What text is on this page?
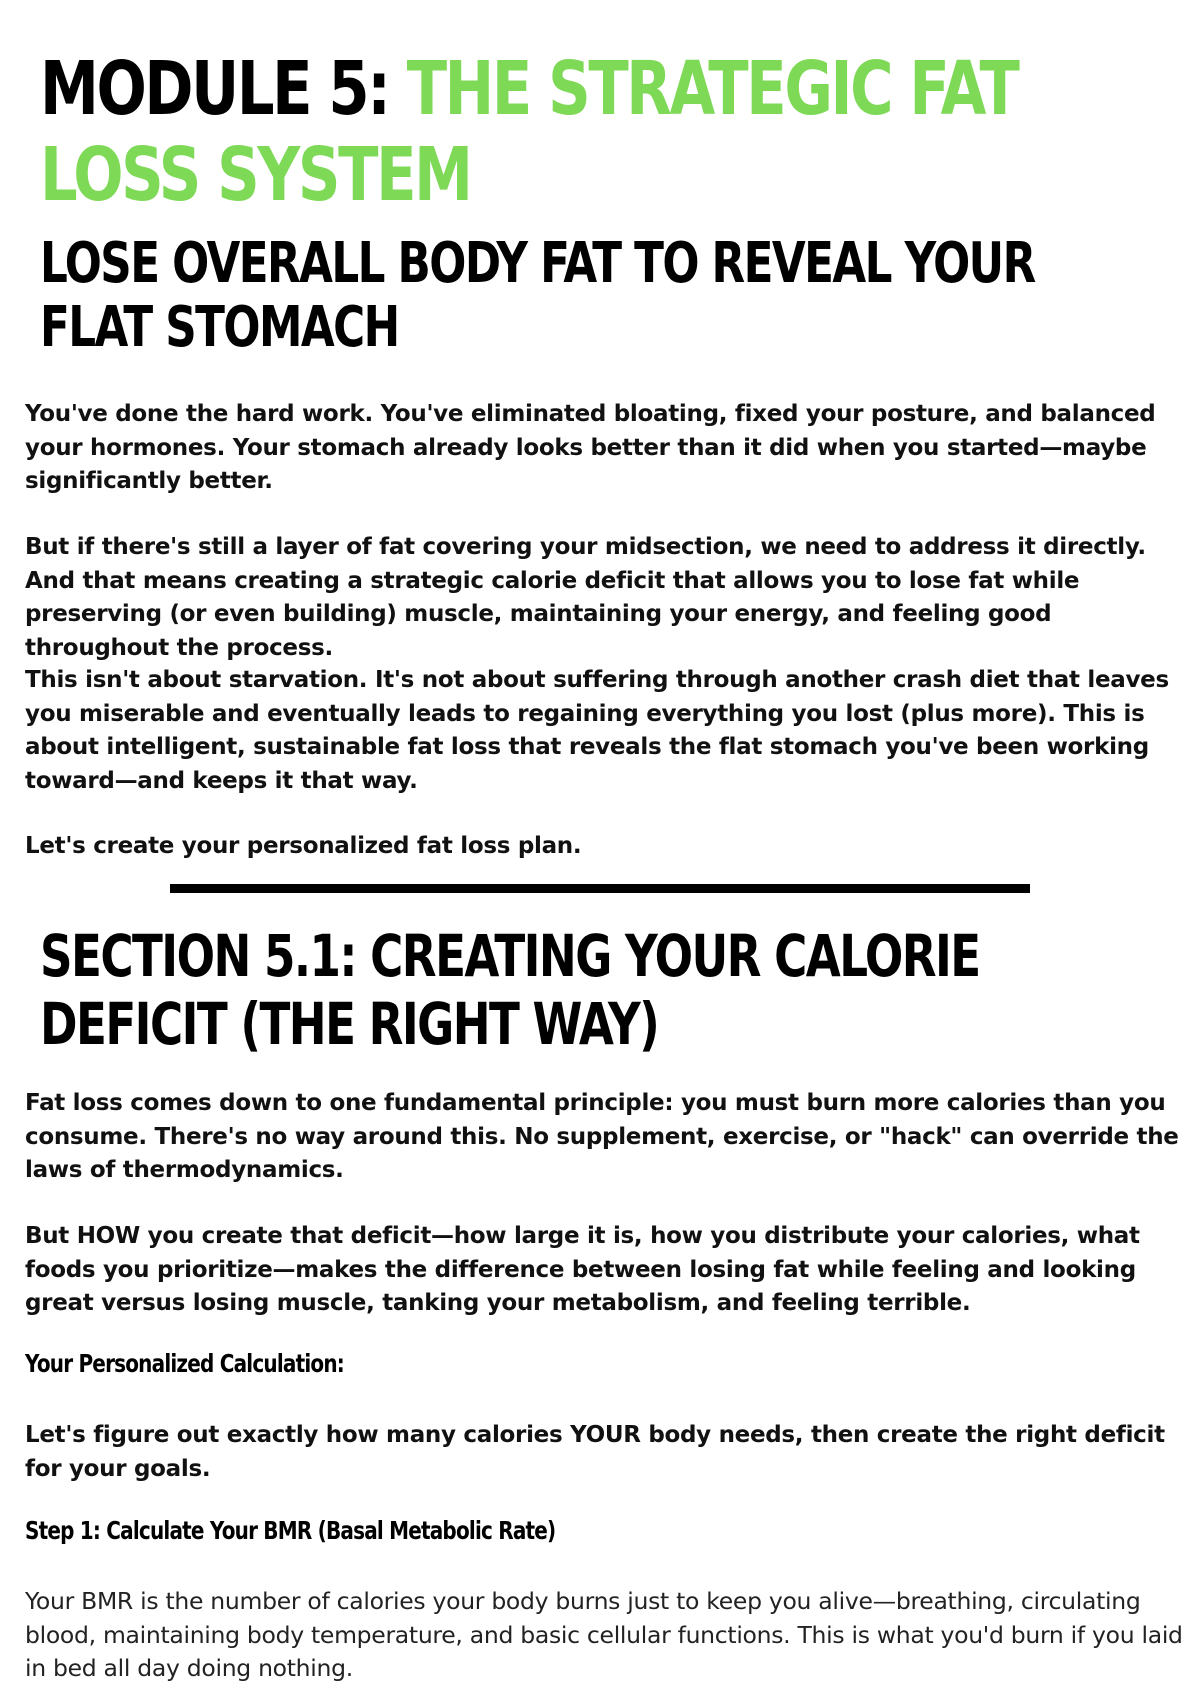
MODULE 5: THE STRATEGIC FAT LOSS SYSTEM
LOSE OVERALL BODY FAT TO REVEAL YOUR FLAT STOMACH

You've done the hard work. You've eliminated bloating, fixed your posture, and balanced your hormones. Your stomach already looks better than it did when you started—maybe significantly better.

But if there's still a layer of fat covering your midsection, we need to address it directly. And that means creating a strategic calorie deficit that allows you to lose fat while preserving (or even building) muscle, maintaining your energy, and feeling good throughout the process.

This isn't about starvation. It's not about suffering through another crash diet that leaves you miserable and eventually leads to regaining everything you lost (plus more). This is about intelligent, sustainable fat loss that reveals the flat stomach you've been working toward—and keeps it that way.

Let's create your personalized fat loss plan.

SECTION 5.1: CREATING YOUR CALORIE DEFICIT (THE RIGHT WAY)

Fat loss comes down to one fundamental principle: you must burn more calories than you consume. There's no way around this. No supplement, exercise, or "hack" can override the laws of thermodynamics.

But HOW you create that deficit—how large it is, how you distribute your calories, what foods you prioritize—makes the difference between losing fat while feeling and looking great versus losing muscle, tanking your metabolism, and feeling terrible.

Your Personalized Calculation:

Let's figure out exactly how many calories YOUR body needs, then create the right deficit for your goals.

Step 1: Calculate Your BMR (Basal Metabolic Rate)

Your BMR is the number of calories your body burns just to keep you alive—breathing, circulating blood, maintaining body temperature, and basic cellular functions. This is what you'd burn if you laid in bed all day doing nothing.
